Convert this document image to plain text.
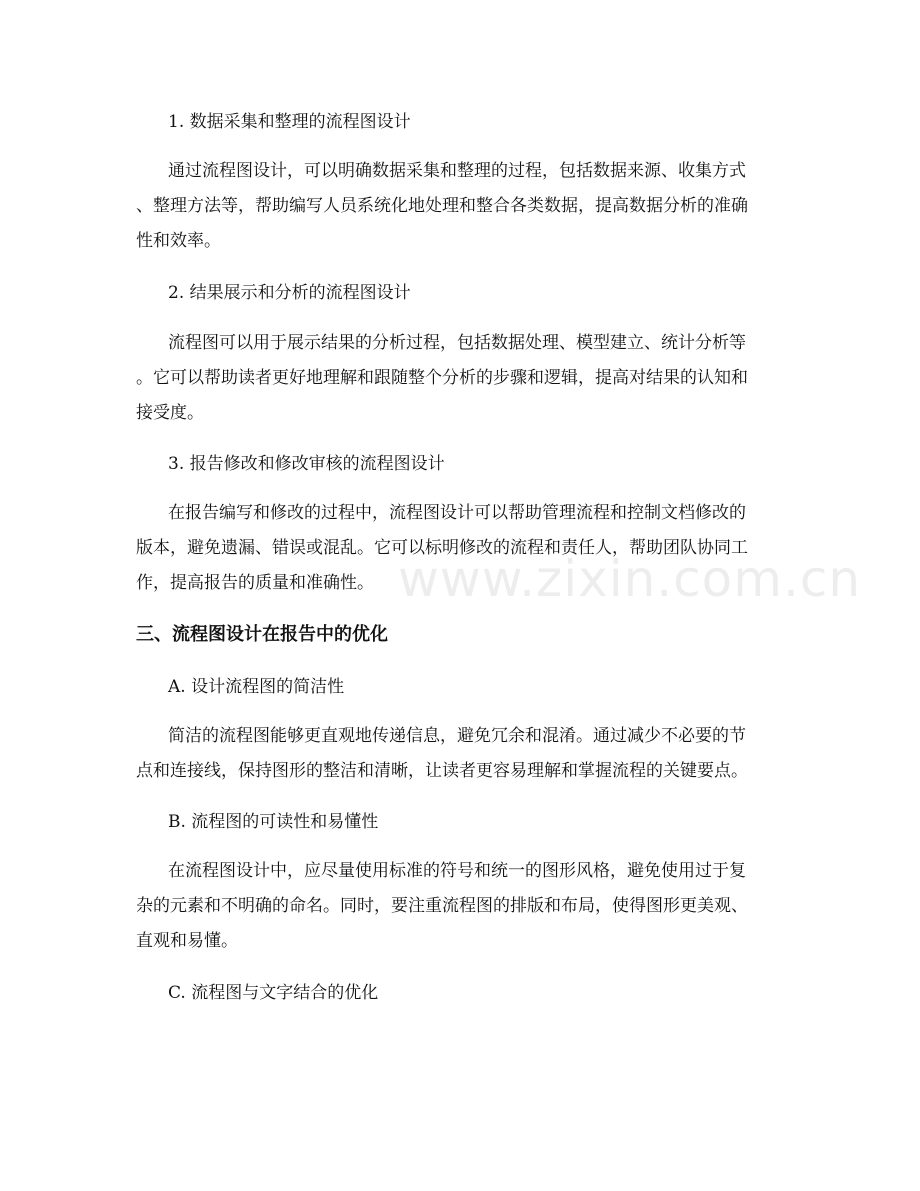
1. 数据采集和整理的流程图设计
通过流程图设计，可以明确数据采集和整理的过程，包括数据来源、收集方式
、整理方法等，帮助编写人员系统化地处理和整合各类数据，提高数据分析的准确
性和效率。
2. 结果展示和分析的流程图设计
流程图可以用于展示结果的分析过程，包括数据处理、模型建立、统计分析等
。它可以帮助读者更好地理解和跟随整个分析的步骤和逻辑，提高对结果的认知和
接受度。
3. 报告修改和修改审核的流程图设计
在报告编写和修改的过程中，流程图设计可以帮助管理流程和控制文档修改的
版本，避免遗漏、错误或混乱。它可以标明修改的流程和责任人，帮助团队协同工
作，提高报告的质量和准确性。
三、流程图设计在报告中的优化
A. 设计流程图的简洁性
简洁的流程图能够更直观地传递信息，避免冗余和混淆。通过减少不必要的节
点和连接线，保持图形的整洁和清晰，让读者更容易理解和掌握流程的关键要点。
B. 流程图的可读性和易懂性
在流程图设计中，应尽量使用标准的符号和统一的图形风格，避免使用过于复
杂的元素和不明确的命名。同时，要注重流程图的排版和布局，使得图形更美观、
直观和易懂。
C. 流程图与文字结合的优化
www.zixin.com.cn
